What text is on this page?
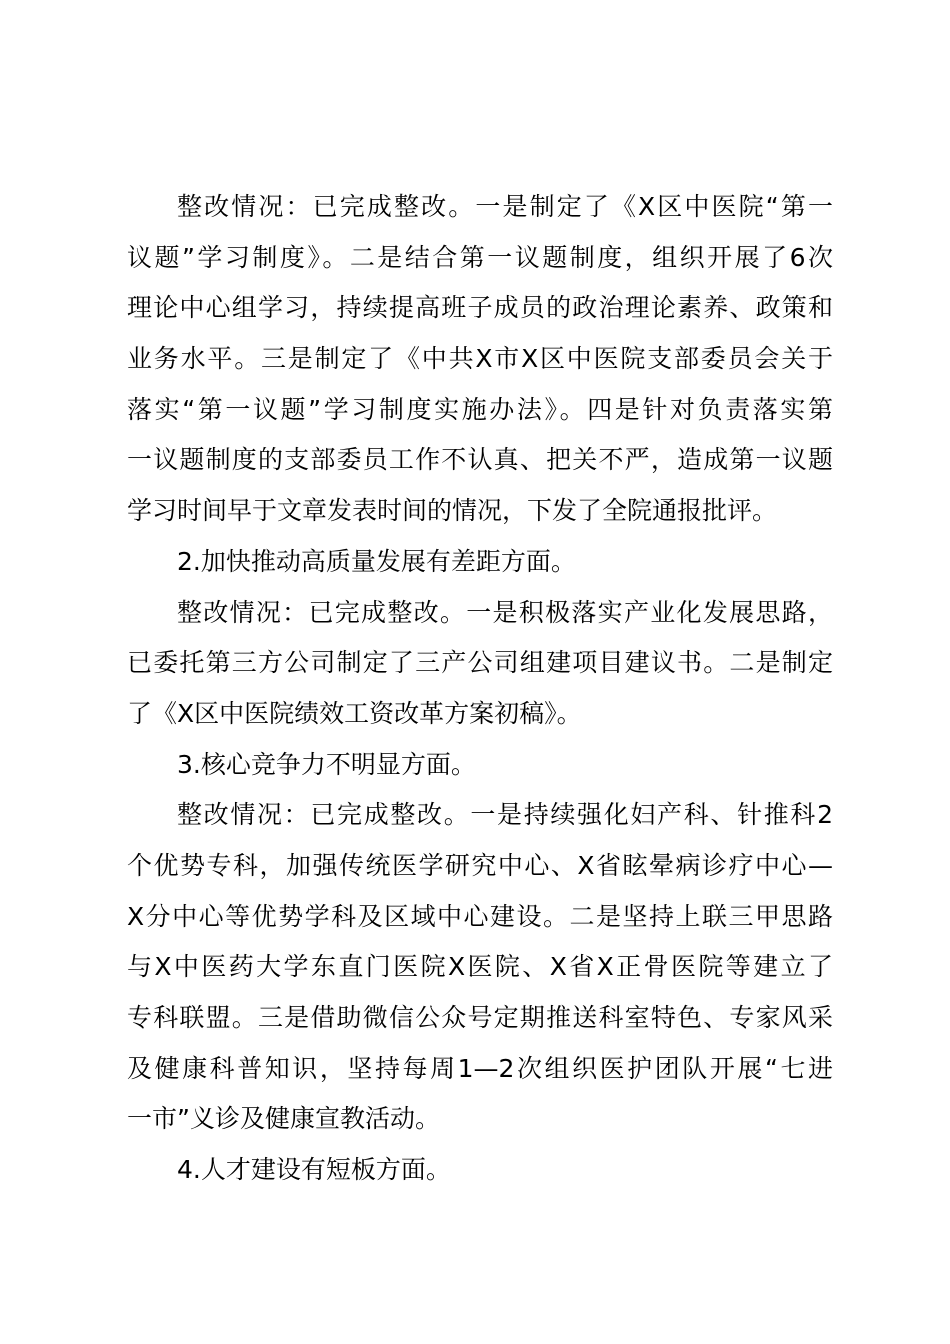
整改情况：已完成整改。一是制定了《X区中医院“第一
议题”学习制度》。二是结合第一议题制度，组织开展了6次
理论中心组学习，持续提高班子成员的政治理论素养、政策和
业务水平。三是制定了《中共X市X区中医院支部委员会关于
落实“第一议题”学习制度实施办法》。四是针对负责落实第
一议题制度的支部委员工作不认真、把关不严，造成第一议题
学习时间早于文章发表时间的情况，下发了全院通报批评。
2.加快推动高质量发展有差距方面。
整改情况：已完成整改。一是积极落实产业化发展思路，
已委托第三方公司制定了三产公司组建项目建议书。二是制定
了《X区中医院绩效工资改革方案初稿》。
3.核心竞争力不明显方面。
整改情况：已完成整改。一是持续强化妇产科、针推科2
个优势专科，加强传统医学研究中心、X省眩晕病诊疗中心—
X分中心等优势学科及区域中心建设。二是坚持上联三甲思路
与X中医药大学东直门医院X医院、X省X正骨医院等建立了
专科联盟。三是借助微信公众号定期推送科室特色、专家风采
及健康科普知识，坚持每周1—2次组织医护团队开展“七进
一市”义诊及健康宣教活动。
4.人才建设有短板方面。
